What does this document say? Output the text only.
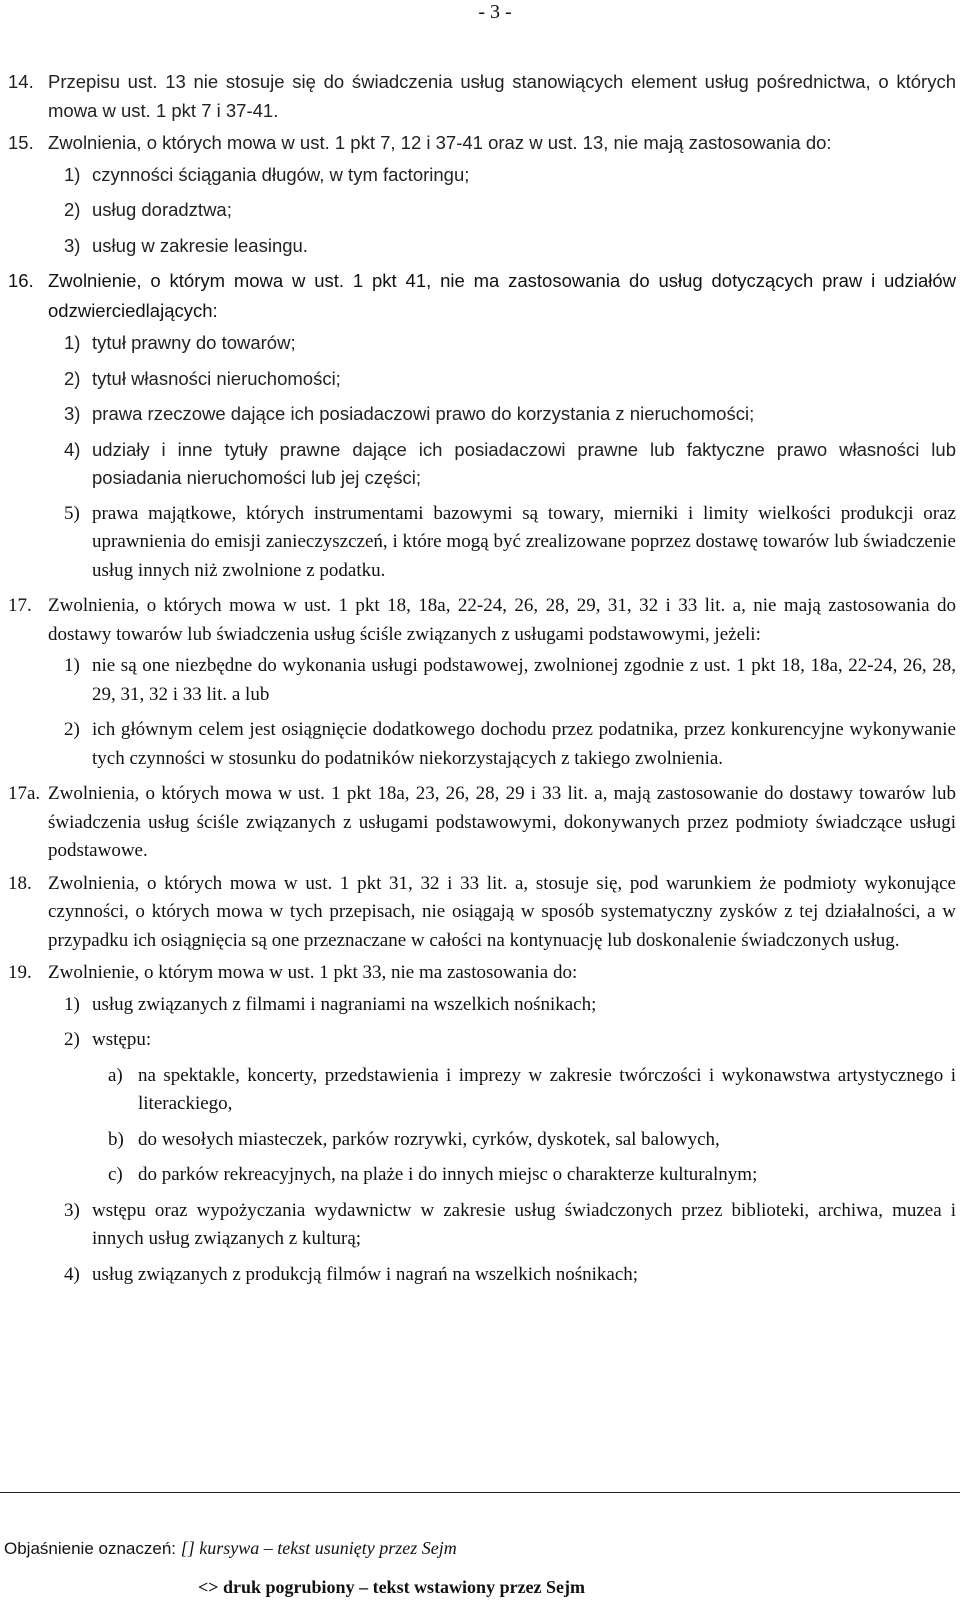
- 3 -
14. Przepisu ust. 13 nie stosuje się do świadczenia usług stanowiących element usług pośrednictwa, o których mowa w ust. 1 pkt 7 i 37-41.
15. Zwolnienia, o których mowa w ust. 1 pkt 7, 12 i 37-41 oraz w ust. 13, nie mają zastosowania do:
1) czynności ściągania długów, w tym factoringu;
2) usług doradztwa;
3) usług w zakresie leasingu.
16. Zwolnienie, o którym mowa w ust. 1 pkt 41, nie ma zastosowania do usług dotyczących praw i udziałów odzwierciedlających:
1) tytuł prawny do towarów;
2) tytuł własności nieruchomości;
3) prawa rzeczowe dające ich posiadaczowi prawo do korzystania z nieruchomości;
4) udziały i inne tytuły prawne dające ich posiadaczowi prawne lub faktyczne prawo własności lub posiadania nieruchomości lub jej części;
5) prawa majątkowe, których instrumentami bazowymi są towary, mierniki i limity wielkości produkcji oraz uprawnienia do emisji zanieczyszczeń, i które mogą być zrealizowane poprzez dostawę towarów lub świadczenie usług innych niż zwolnione z podatku.
17. Zwolnienia, o których mowa w ust. 1 pkt 18, 18a, 22-24, 26, 28, 29, 31, 32 i 33 lit. a, nie mają zastosowania do dostawy towarów lub świadczenia usług ściśle związanych z usługami podstawowymi, jeżeli:
1) nie są one niezbędne do wykonania usługi podstawowej, zwolnionej zgodnie z ust. 1 pkt 18, 18a, 22-24, 26, 28, 29, 31, 32 i 33 lit. a lub
2) ich głównym celem jest osiągnięcie dodatkowego dochodu przez podatnika, przez konkurencyjne wykonywanie tych czynności w stosunku do podatników niekorzystających z takiego zwolnienia.
17a. Zwolnienia, o których mowa w ust. 1 pkt 18a, 23, 26, 28, 29 i 33 lit. a, mają zastosowanie do dostawy towarów lub świadczenia usług ściśle związanych z usługami podstawowymi, dokonywanych przez podmioty świadczące usługi podstawowe.
18. Zwolnienia, o których mowa w ust. 1 pkt 31, 32 i 33 lit. a, stosuje się, pod warunkiem że podmioty wykonujące czynności, o których mowa w tych przepisach, nie osiągają w sposób systematyczny zysków z tej działalności, a w przypadku ich osiągnięcia są one przeznaczane w całości na kontynuację lub doskonalenie świadczonych usług.
19. Zwolnienie, o którym mowa w ust. 1 pkt 33, nie ma zastosowania do:
1) usług związanych z filmami i nagraniami na wszelkich nośnikach;
2) wstępu:
a) na spektakle, koncerty, przedstawienia i imprezy w zakresie twórczości i wykonawstwa artystycznego i literackiego,
b) do wesołych miasteczek, parków rozrywki, cyrków, dyskotek, sal balowych,
c) do parków rekreacyjnych, na plaże i do innych miejsc o charakterze kulturalnym;
3) wstępu oraz wypożyczania wydawnictw w zakresie usług świadczonych przez biblioteki, archiwa, muzea i innych usług związanych z kulturą;
4) usług związanych z produkcją filmów i nagrań na wszelkich nośnikach;
Objaśnienie oznaczeń: [] kursywa – tekst usunięty przez Sejm
<> druk pogrubiony – tekst wstawiony przez Sejm
